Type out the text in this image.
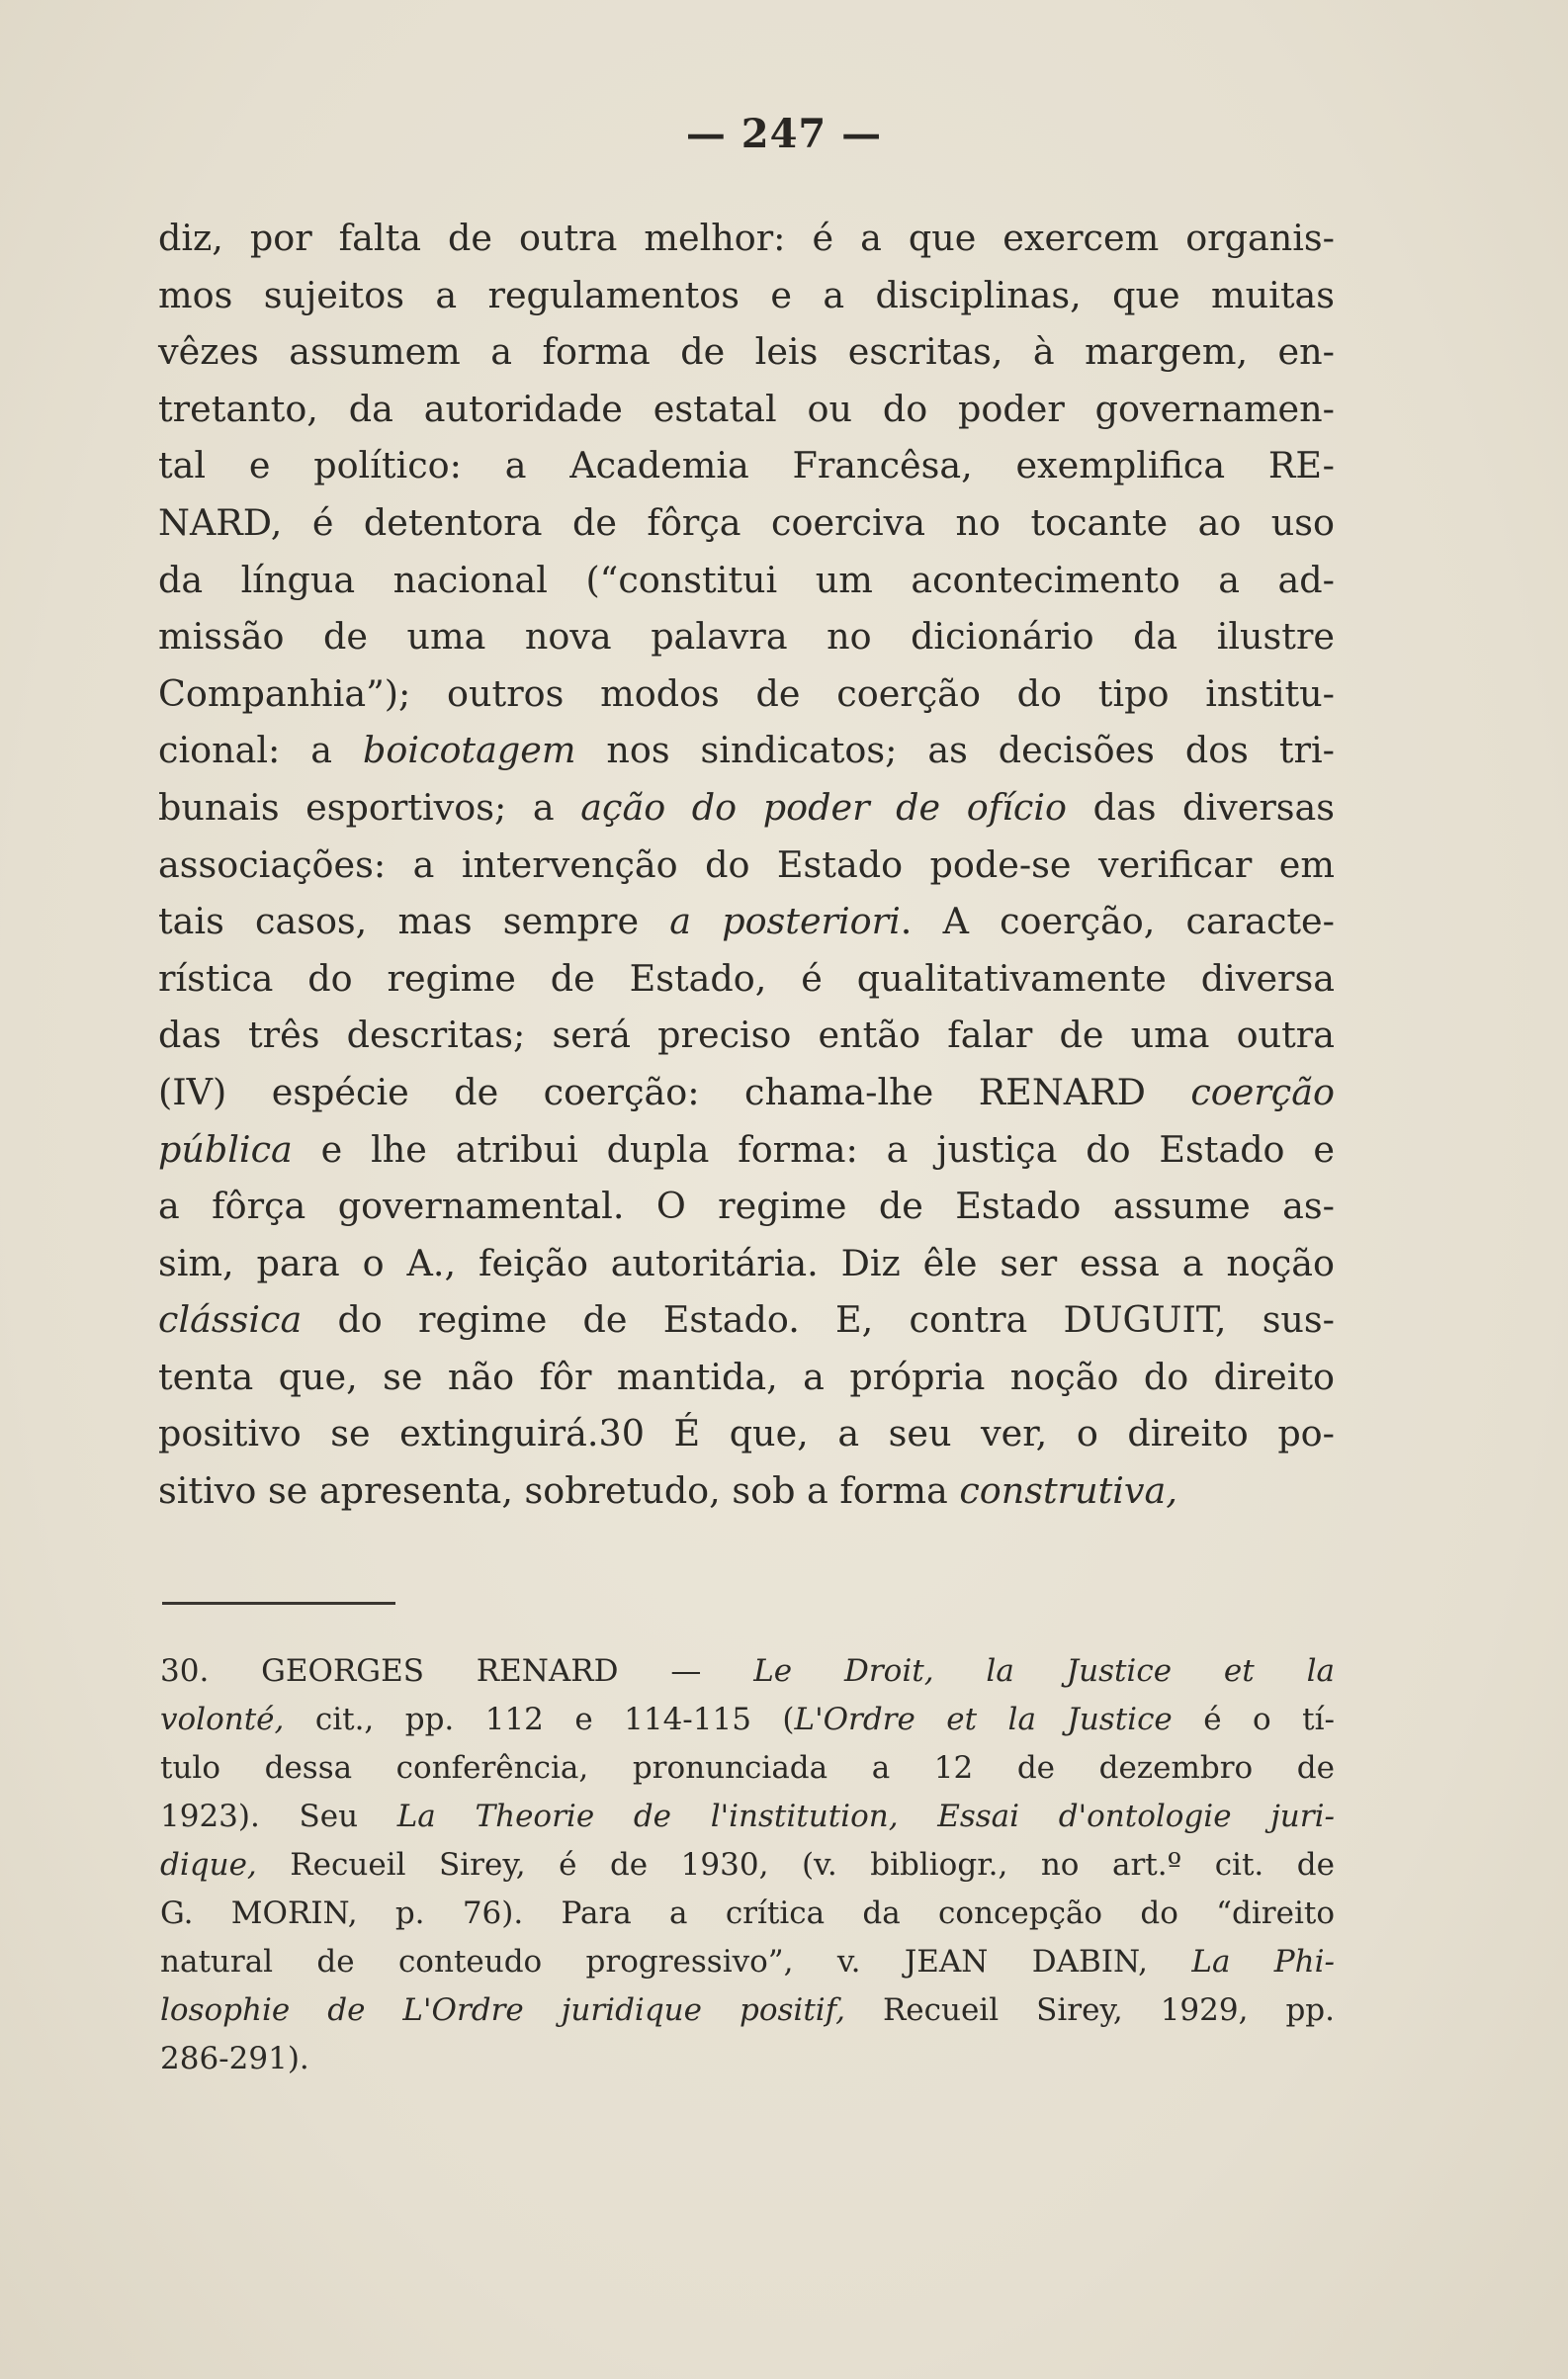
— 247 —
diz, por falta de outra melhor: é a que exercem organis-
mos sujeitos a regulamentos e a disciplinas, que muitas
vêzes assumem a forma de leis escritas, à margem, en-
tretanto, da autoridade estatal ou do poder governamen-
tal e político: a Academia Francêsa, exemplifica RE-
NARD, é detentora de fôrça coerciva no tocante ao uso
da língua nacional (“constitui um acontecimento a ad-
missão de uma nova palavra no dicionário da ilustre
Companhia”); outros modos de coerção do tipo institu-
cional: a boicotagem nos sindicatos; as decisões dos tri-
bunais esportivos; a ação do poder de ofício das diversas
associações: a intervenção do Estado pode-se verificar em
tais casos, mas sempre a posteriori. A coerção, caracte-
rística do regime de Estado, é qualitativamente diversa
das três descritas; será preciso então falar de uma outra
(IV) espécie de coerção: chama-lhe RENARD coerção
pública e lhe atribui dupla forma: a justiça do Estado e
a fôrça governamental. O regime de Estado assume as-
sim, para o A., feição autoritária. Diz êle ser essa a noção
clássica do regime de Estado. E, contra DUGUIT, sus-
tenta que, se não fôr mantida, a própria noção do direito
positivo se extinguirá.30 É que, a seu ver, o direito po-
sitivo se apresenta, sobretudo, sob a forma construtiva,
30. GEORGES RENARD — Le Droit, la Justice et la
volonté, cit., pp. 112 e 114-115 (L'Ordre et la Justice é o tí-
tulo dessa conferência, pronunciada a 12 de dezembro de
1923). Seu La Theorie de l'institution, Essai d'ontologie juri-
dique, Recueil Sirey, é de 1930, (v. bibliogr., no art.º cit. de
G. MORIN, p. 76). Para a crítica da concepção do “direito
natural de conteudo progressivo”, v. JEAN DABIN, La Phi-
losophie de L'Ordre juridique positif, Recueil Sirey, 1929, pp.
286-291).
